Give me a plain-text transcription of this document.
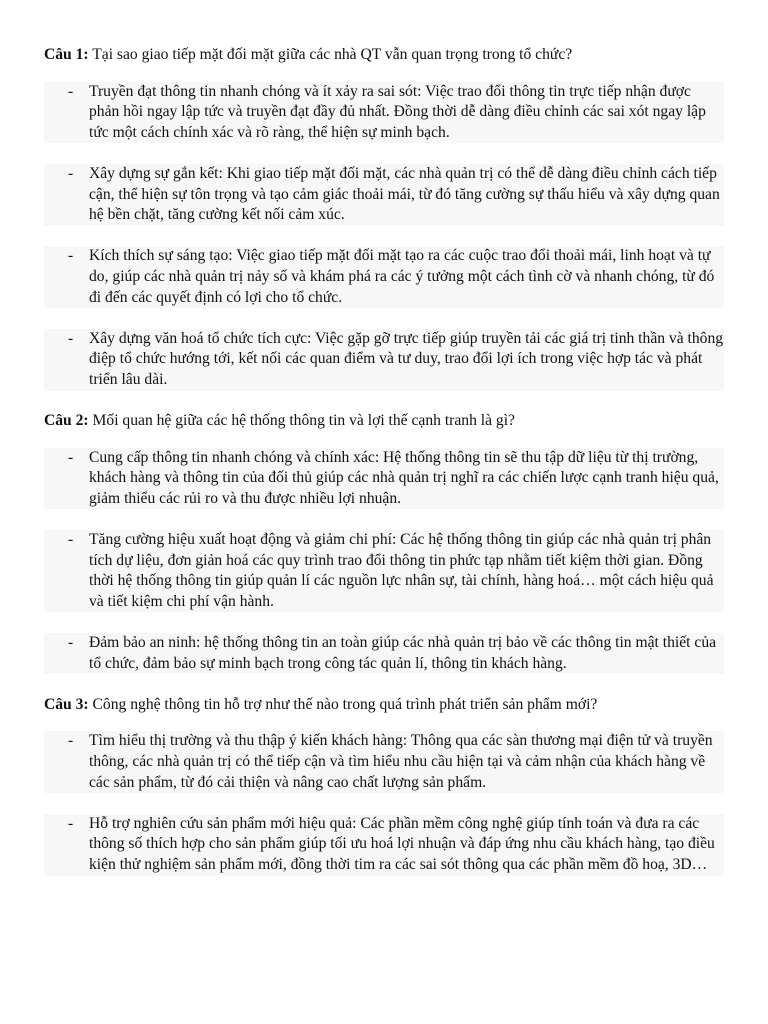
Câu 1: Tại sao giao tiếp mặt đối mặt giữa các nhà QT vẫn quan trọng trong tổ chức?

- Truyền đạt thông tin nhanh chóng và ít xảy ra sai sót: Việc trao đổi thông tin trực tiếp nhận được phản hồi ngay lập tức và truyền đạt đầy đủ nhất. Đồng thời dễ dàng điều chỉnh các sai xót ngay lập tức một cách chính xác và rõ ràng, thể hiện sự minh bạch.
- Xây dựng sự gắn kết: Khi giao tiếp mặt đối mặt, các nhà quản trị có thể dễ dàng điều chỉnh cách tiếp cận, thể hiện sự tôn trọng và tạo cảm giác thoải mái, từ đó tăng cường sự thấu hiểu và xây dựng quan hệ bền chặt, tăng cường kết nối cảm xúc.
- Kích thích sự sáng tạo: Việc giao tiếp mặt đối mặt tạo ra các cuộc trao đổi thoải mái, linh hoạt và tự do, giúp các nhà quản trị nảy số và khám phá ra các ý tưởng một cách tình cờ và nhanh chóng, từ đó đi đến các quyết định có lợi cho tổ chức.
- Xây dựng văn hoá tổ chức tích cực: Việc gặp gỡ trực tiếp giúp truyền tải các giá trị tinh thần và thông điệp tổ chức hướng tới, kết nối các quan điểm và tư duy, trao đổi lợi ích trong việc hợp tác và phát triển lâu dài.

Câu 2: Mối quan hệ giữa các hệ thống thông tin và lợi thế cạnh tranh là gì?

- Cung cấp thông tin nhanh chóng và chính xác: Hệ thống thông tin sẽ thu tập dữ liệu từ thị trường, khách hàng và thông tin của đối thủ giúp các nhà quản trị nghĩ ra các chiến lược cạnh tranh hiệu quả, giảm thiểu các rủi ro và thu được nhiều lợi nhuận.
- Tăng cường hiệu xuất hoạt động và giảm chi phí: Các hệ thống thông tin giúp các nhà quản trị phân tích dự liệu, đơn giản hoá các quy trình trao đổi thông tin phức tạp nhằm tiết kiệm thời gian. Đồng thời hệ thống thông tin giúp quản lí các nguồn lực nhân sự, tài chính, hàng hoá… một cách hiệu quả và tiết kiệm chi phí vận hành.
- Đảm bảo an ninh: hệ thống thông tin an toàn giúp các nhà quản trị bảo về các thông tin mật thiết của tổ chức, đảm bảo sự minh bạch trong công tác quản lí, thông tin khách hàng.

Câu 3: Công nghệ thông tin hỗ trợ như thế nào trong quá trình phát triển sản phẩm mới?

- Tìm hiểu thị trường và thu thập ý kiến khách hàng: Thông qua các sàn thương mại điện tử và truyền thông, các nhà quản trị có thể tiếp cận và tìm hiểu nhu cầu hiện tại và cảm nhận của khách hàng về các sản phẩm, từ đó cải thiện và nâng cao chất lượng sản phẩm.
- Hỗ trợ nghiên cứu sản phẩm mới hiệu quả: Các phần mềm công nghệ giúp tính toán và đưa ra các thông số thích hợp cho sản phẩm giúp tối ưu hoá lợi nhuận và đáp ứng nhu cầu khách hàng, tạo điều kiện thử nghiệm sản phẩm mới, đồng thời tim ra các sai sót thông qua các phần mềm đồ hoạ, 3D…
